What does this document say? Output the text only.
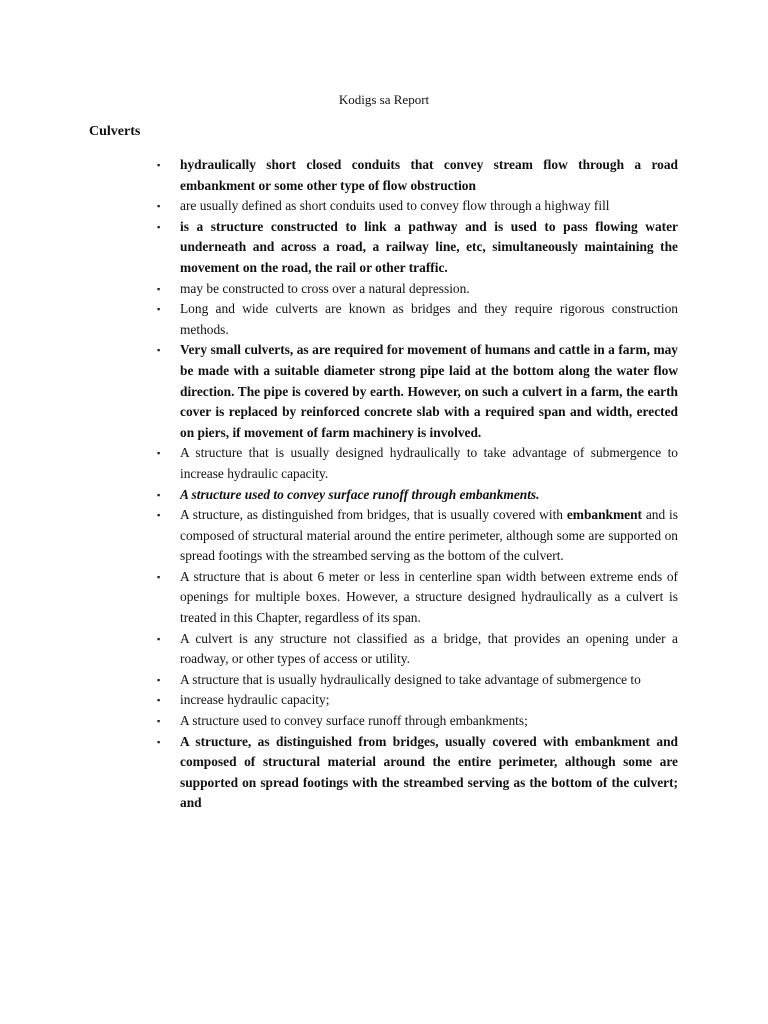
Kodigs sa Report
Culverts
▪ hydraulically short closed conduits that convey stream flow through a road embankment or some other type of flow obstruction
▪ are usually defined as short conduits used to convey flow through a highway fill
▪ is a structure constructed to link a pathway and is used to pass flowing water underneath and across a road, a railway line, etc, simultaneously maintaining the movement on the road, the rail or other traffic.
▪ may be constructed to cross over a natural depression.
▪ Long and wide culverts are known as bridges and they require rigorous construction methods.
▪ Very small culverts, as are required for movement of humans and cattle in a farm, may be made with a suitable diameter strong pipe laid at the bottom along the water flow direction. The pipe is covered by earth. However, on such a culvert in a farm, the earth cover is replaced by reinforced concrete slab with a required span and width, erected on piers, if movement of farm machinery is involved.
▪ A structure that is usually designed hydraulically to take advantage of submergence to increase hydraulic capacity.
▪ A structure used to convey surface runoff through embankments.
▪ A structure, as distinguished from bridges, that is usually covered with embankment and is composed of structural material around the entire perimeter, although some are supported on spread footings with the streambed serving as the bottom of the culvert.
▪ A structure that is about 6 meter or less in centerline span width between extreme ends of openings for multiple boxes. However, a structure designed hydraulically as a culvert is treated in this Chapter, regardless of its span.
▪ A culvert is any structure not classified as a bridge, that provides an opening under a roadway, or other types of access or utility.
▪ A structure that is usually hydraulically designed to take advantage of submergence to
▪ increase hydraulic capacity;
▪ A structure used to convey surface runoff through embankments;
▪ A structure, as distinguished from bridges, usually covered with embankment and composed of structural material around the entire perimeter, although some are supported on spread footings with the streambed serving as the bottom of the culvert; and
